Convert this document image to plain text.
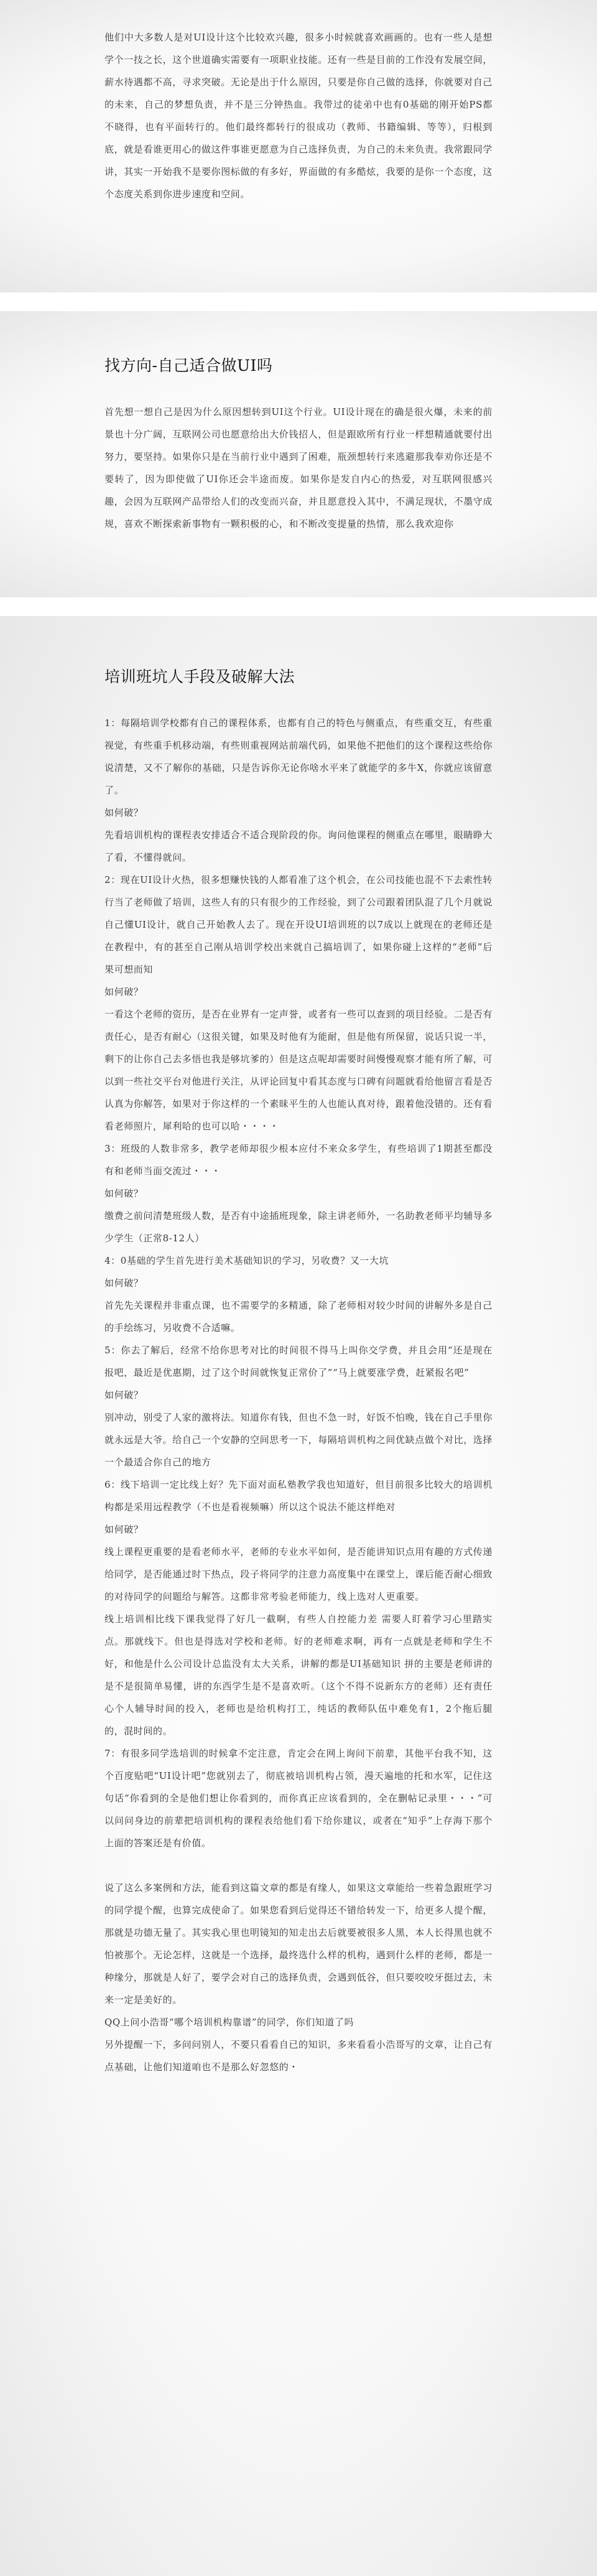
他们中大多数人是对UI设计这个比较欢兴趣，很多小时候就喜欢画画的。也有一些人是想学个一技之长，这个世道确实需要有一项职业技能。还有一些是目前的工作没有发展空间，薪水待遇都不高，寻求突破。无论是出于什么原因，只要是你自己做的选择，你就要对自己的未来，自己的梦想负责，并不是三分钟热血。我带过的徒弟中也有0基础的刚开始PS都不晓得，也有平面转行的。他们最终都转行的很成功（教师、书籍编辑、等等），归根到底，就是看谁更用心的做这件事谁更愿意为自己选择负责，为自己的未来负责。我常跟同学讲，其实一开始我不是要你图标做的有多好，界面做的有多酷炫，我要的是你一个态度，这个态度关系到你进步速度和空间。

找方向-自己适合做UI吗

首先想一想自己是因为什么原因想转到UI这个行业。UI设计现在的确是很火爆，未来的前景也十分广阔，互联网公司也愿意给出大价钱招人，但是跟欧所有行业一样想精通就要付出努力，要坚持。如果你只是在当前行业中遇到了困难，瓶颈想转行来逃避那我奉劝你还是不要转了，因为即使做了UI你还会半途而废。如果你是发自内心的热爱，对互联网很感兴趣，会因为互联网产品带给人们的改变而兴奋，并且愿意投入其中，不满足现状，不墨守成规，喜欢不断探索新事物有一颗积极的心，和不断改变提量的热情，那么我欢迎你

培训班坑人手段及破解大法

1：每隔培训学校都有自己的课程体系，也都有自己的特色与侧重点，有些重交互，有些重视觉，有些重手机移动端，有些则重视网站前端代码，如果他不把他们的这个课程这些给你说清楚，又不了解你的基础，只是告诉你无论你啥水平来了就能学的多牛X，你就应该留意了。

如何破？

先看培训机构的课程表安排适合不适合现阶段的你。询问他课程的侧重点在哪里，眼睛睁大了看，不懂得就问。

2：现在UI设计火热，很多想赚快钱的人都看准了这个机会，在公司技能也混不下去索性转行当了老师做了培训，这些人有的只有很少的工作经验，到了公司跟着团队混了几个月就说自己懂UI设计，就自己开始教人去了。现在开设UI培训班的以7成以上就现在的老师还是在教程中，有的甚至自己刚从培训学校出来就自己搞培训了，如果你碰上这样的“老师”后果可想而知

如何破？

一看这个老师的资历，是否在业界有一定声誉，或者有一些可以查到的项目经验。二是否有责任心，是否有耐心（这很关键，如果及时他有为能耐，但是他有所保留，说话只说一半，剩下的让你自己去多悟也我是够坑爹的）但是这点呢却需要时间慢慢观察才能有所了解，可以到一些社交平台对他进行关注，从评论回复中看其态度与口碑有问题就看给他留言看是否认真为你解答，如果对于你这样的一个素昧平生的人也能认真对待，跟着他没错的。还有看看老师照片，犀利哈的也可以哈・・・・

3：班级的人数非常多，教学老师却很少根本应付不来众多学生，有些培训了1期甚至都没有和老师当面交流过・・・

如何破？

缴费之前问清楚班级人数，是否有中途插班现象，除主讲老师外，一名助教老师平均辅导多少学生（正常8-12人）

4：0基础的学生首先进行美术基础知识的学习，另收费？又一大坑

如何破？

首先先关课程并非重点课，也不需要学的多精通，除了老师相对较少时间的讲解外多是自己的手绘练习，另收费不合适嘛。

5：你去了解后，经常不给你思考对比的时间很不得马上叫你交学费，并且会用“还是现在报吧，最近是优惠期，过了这个时间就恢复正常价了”“马上就要涨学费，赶紧报名吧”

如何破？

别冲动，别受了人家的激将法。知道你有钱，但也不急一时，好饭不怕晚，钱在自己手里你就永远是大爷。给自己一个安静的空间思考一下，每隔培训机构之间优缺点做个对比，选择一个最适合你自己的地方

6：线下培训一定比线上好？先下面对面私塾教学我也知道好，但目前很多比较大的培训机构都是采用远程教学（不也是看视频嘛）所以这个说法不能这样绝对

如何破？

线上课程更重要的是看老师水平，老师的专业水平如何，是否能讲知识点用有趣的方式传递给同学，是否能通过时下热点，段子将同学的注意力高度集中在课堂上，课后能否耐心细致的对待同学的问题给与解答。这都非常考验老师能力，线上选对人更重要。

线上培训相比线下课我觉得了好几一截啊，有些人自控能力差 需要人盯着学习心里踏实点。那就线下。但也是得选对学校和老师。好的老师难求啊，再有一点就是老师和学生不好，和他是什么公司设计总监没有太大关系，讲解的都是UI基础知识 拼的主要是老师讲的是不是很简单易懂，讲的东西学生是不是喜欢听。（这个不得不说新东方的老师）还有责任心个人辅导时间的投入，老师也是给机构打工，纯话的教师队伍中难免有1，2个拖后腿的，混时间的。

7：有很多同学选培训的时候拿不定注意，肯定会在网上询问下前辈，其他平台我不知，这个百度贴吧“UI设计吧”您就别去了，彻底被培训机构占领，漫天遍地的托和水军，记住这句话“你看到的全是他们想让你看到的，而你真正应该看到的，全在删帖记录里・・・”可以问问身边的前辈把培训机构的课程表给他们看下给你建议，或者在“知乎”上存海下那个上面的答案还是有价值。

说了这么多案例和方法，能看到这篇文章的都是有缘人，如果这文章能给一些着急跟班学习的同学提个醒，也算完成使命了。如果您看到后觉得还不错给转发一下，给更多人提个醒，那就是功德无量了。其实我心里也明镜知的知走出去后就要被很多人黑，本人长得黑也就不怕被那个。无论怎样，这就是一个选择，最终选什么样的机构，遇到什么样的老师，都是一种缘分，那就是人好了，要学会对自己的选择负责，会遇到低谷，但只要咬咬牙挺过去，未来一定是美好的。

QQ上问小浩哥“哪个培训机构靠谱”的同学，你们知道了吗

另外提醒一下，多问问别人，不要只看看自已的知识，多来看看小浩哥写的文章，让自己有点基础，让他们知道咱也不是那么好忽悠的・
